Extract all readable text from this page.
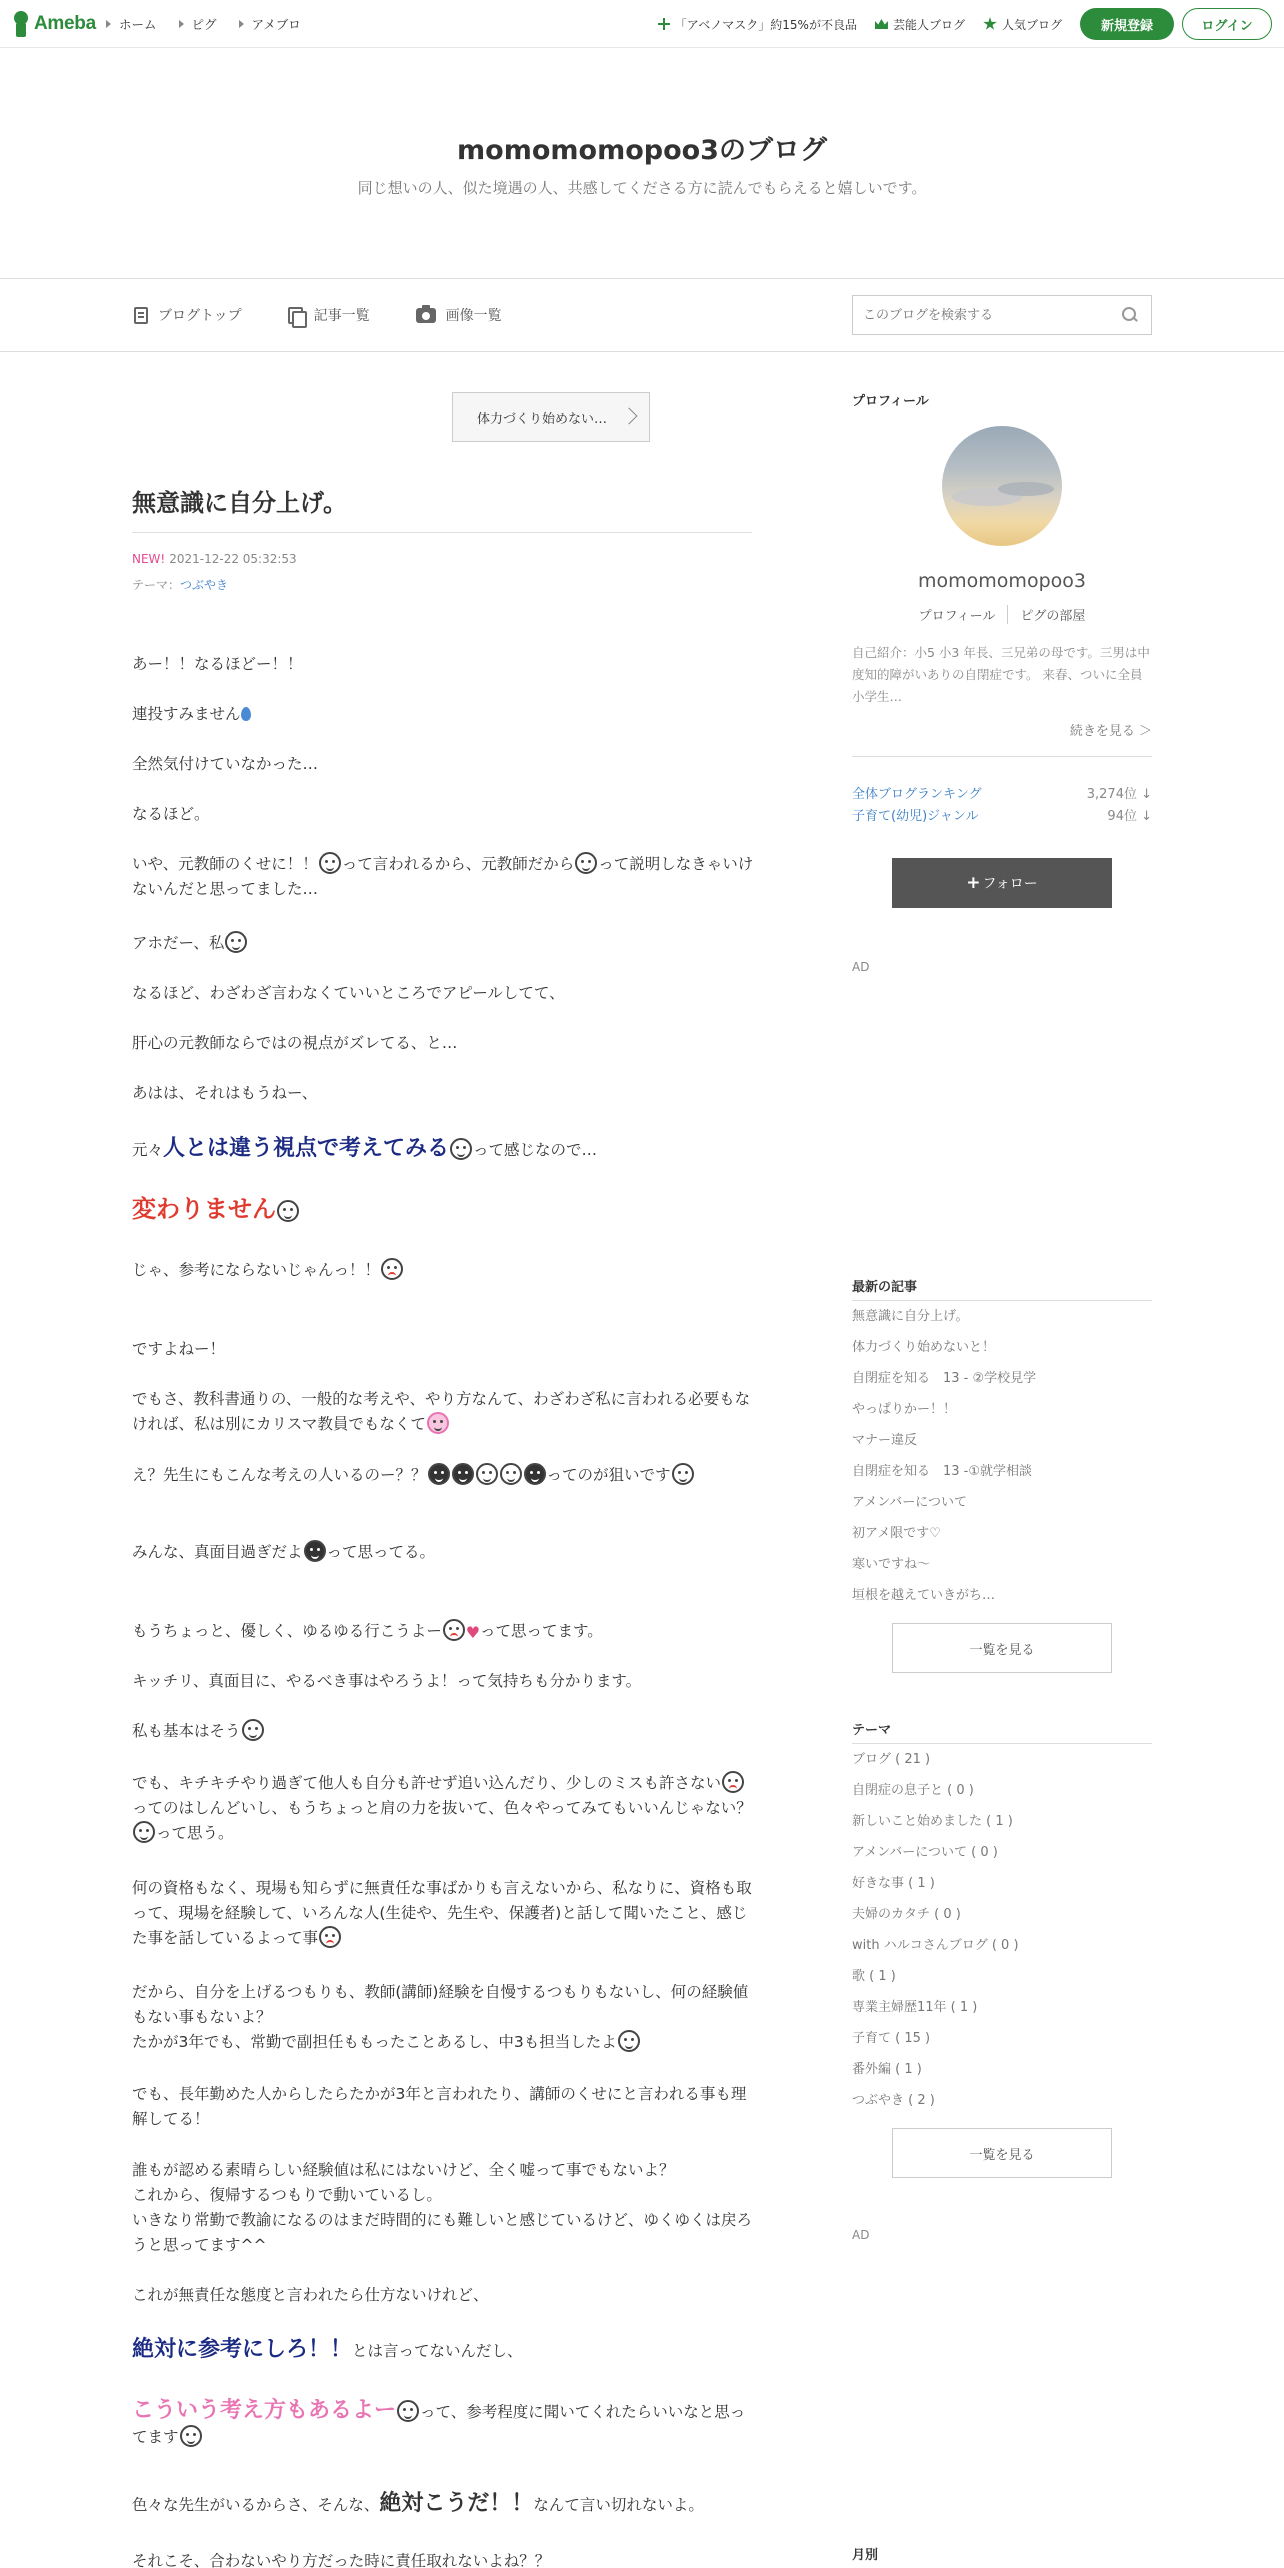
Ameba ホーム	ピグ	アメブロ	「アベノマスク」約15%が不良品	芸能人ブログ	人気ブログ	新規登録	ログイン
momomomopoo3のブログ
同じ想いの人、似た境遇の人、共感してくださる方に読んでもらえると嬉しいです。
ブログトップ	記事一覧	画像一覧
このブログを検索する
体力づくり始めない…
無意識に自分上げ。
NEW! 2021-12-22 05:32:53
テーマ：つぶやき
あー！！なるほどー！！
連投すみません
全然気付けていなかった…
なるほど。
いや、元教師のくせに！！ って言われるから、元教師だから って説明しなきゃいけないんだと思ってました…
アホだー、私
なるほど、わざわざ言わなくていいところでアピールしてて、
肝心の元教師ならではの視点がズレてる、と…
あはは、それはもうねー、
元々人とは違う視点で考えてみる って感じなので…
変わりません
じゃ、参考にならないじゃんっ！！
ですよねー！
でもさ、教科書通りの、一般的な考えや、やり方なんて、わざわざ私に言われる必要もなければ、私は別にカリスマ教員でもなくて
え？先生にもこんな考えの人いるのー？？	ってのが狙いです
みんな、真面目過ぎだよ って思ってる。
もうちょっと、優しく、ゆるゆる行こうよー ♥って思ってます。
キッチリ、真面目に、やるべき事はやろうよ！って気持ちも分かります。
私も基本はそう
でも、キチキチやり過ぎて他人も自分も許せず追い込んだり、少しのミスも許さないってのはしんどいし、もうちょっと肩の力を抜いて、色々やってみてもいいんじゃない？って思う。
何の資格もなく、現場も知らずに無責任な事ばかりも言えないから、私なりに、資格も取って、現場を経験して、いろんな人(生徒や、先生や、保護者)と話して聞いたこと、感じた事を話しているよって事
だから、自分を上げるつもりも、教師(講師)経験を自慢するつもりもないし、何の経験値もない事もないよ？
たかが3年でも、常勤で副担任ももったことあるし、中3も担当したよ
でも、長年勤めた人からしたらたかが3年と言われたり、講師のくせにと言われる事も理解してる！
誰もが認める素晴らしい経験値は私にはないけど、全く嘘って事でもないよ？
これから、復帰するつもりで動いているし。
いきなり常勤で教諭になるのはまだ時間的にも難しいと感じているけど、ゆくゆくは戻ろうと思ってます^^
これが無責任な態度と言われたら仕方ないけれど、
絶対に参考にしろ！！とは言ってないんだし、
こういう考え方もあるよー って、参考程度に聞いてくれたらいいなと思ってます
色々な先生がいるからさ、そんな、絶対こうだ！！なんて言い切れないよ。
それこそ、合わないやり方だった時に責任取れないよね？？
プロフィール
momomomopoo3
プロフィール	ピグの部屋
自己紹介：小5 小3 年長、三兄弟の母です。三男は中度知的障がいありの自閉症です。 来春、ついに全員小学生…
続きを見る ＞
全体ブログランキング	3,274位 ↓
子育て(幼児)ジャンル	94位 ↓
+ フォロー
AD
最新の記事
無意識に自分上げ。
体力づくり始めないと！
自閉症を知る　13 - ②学校見学
やっぱりかー！！
マナー違反
自閉症を知る　13 -①就学相談
アメンバーについて
初アメ限です♡
寒いですね〜
垣根を越えていきがち…
一覧を見る
テーマ
ブログ ( 21 )
自閉症の息子と ( 0 )
新しいこと始めました ( 1 )
アメンバーについて ( 0 )
好きな事 ( 1 )
夫婦のカタチ ( 0 )
with ハルコさんブログ ( 0 )
歌 ( 1 )
専業主婦歴11年 ( 1 )
子育て ( 15 )
番外編 ( 1 )
つぶやき ( 2 )
一覧を見る
AD
月別
